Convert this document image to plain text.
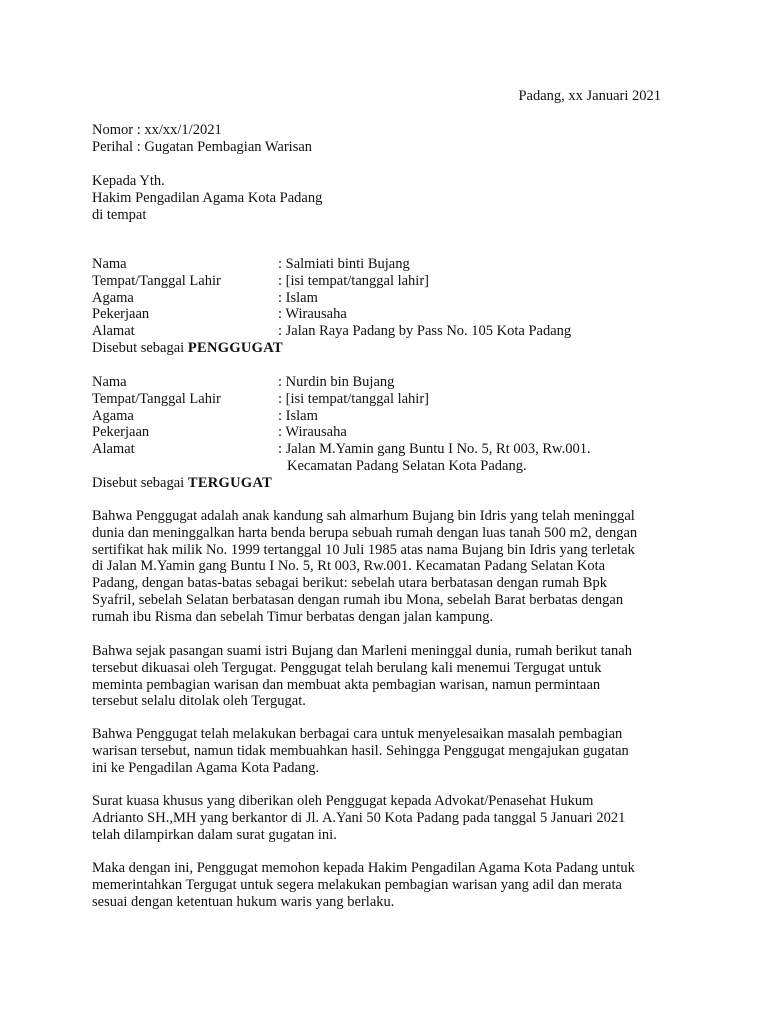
Padang, xx Januari 2021
Nomor : xx/xx/1/2021
Perihal : Gugatan Pembagian Warisan
Kepada Yth.
Hakim Pengadilan Agama Kota Padang
di tempat
Nama	: Salmiati binti Bujang
Tempat/Tanggal Lahir	: [isi tempat/tanggal lahir]
Agama	: Islam
Pekerjaan	: Wirausaha
Alamat	: Jalan Raya Padang by Pass No. 105 Kota Padang
Disebut sebagai PENGGUGAT
Nama	: Nurdin bin Bujang
Tempat/Tanggal Lahir	: [isi tempat/tanggal lahir]
Agama	: Islam
Pekerjaan	: Wirausaha
Alamat	: Jalan M.Yamin gang Buntu I No. 5, Rt 003, Rw.001.
Kecamatan Padang Selatan Kota Padang.
Disebut sebagai TERGUGAT
Bahwa Penggugat adalah anak kandung sah almarhum Bujang bin Idris yang telah meninggal
dunia dan meninggalkan harta benda berupa sebuah rumah dengan luas tanah 500 m2, dengan
sertifikat hak milik No. 1999 tertanggal 10 Juli 1985 atas nama Bujang bin Idris yang terletak
di Jalan M.Yamin gang Buntu I No. 5, Rt 003, Rw.001. Kecamatan Padang Selatan Kota
Padang, dengan batas-batas sebagai berikut: sebelah utara berbatasan dengan rumah Bpk
Syafril, sebelah Selatan berbatasan dengan rumah ibu Mona, sebelah Barat berbatas dengan
rumah ibu Risma dan sebelah Timur berbatas dengan jalan kampung.
Bahwa sejak pasangan suami istri Bujang dan Marleni meninggal dunia, rumah berikut tanah
tersebut dikuasai oleh Tergugat. Penggugat telah berulang kali menemui Tergugat untuk
meminta pembagian warisan dan membuat akta pembagian warisan, namun permintaan
tersebut selalu ditolak oleh Tergugat.
Bahwa Penggugat telah melakukan berbagai cara untuk menyelesaikan masalah pembagian
warisan tersebut, namun tidak membuahkan hasil. Sehingga Penggugat mengajukan gugatan
ini ke Pengadilan Agama Kota Padang.
Surat kuasa khusus yang diberikan oleh Penggugat kepada Advokat/Penasehat Hukum
Adrianto SH.,MH yang berkantor di Jl. A.Yani 50 Kota Padang pada tanggal 5 Januari 2021
telah dilampirkan dalam surat gugatan ini.
Maka dengan ini, Penggugat memohon kepada Hakim Pengadilan Agama Kota Padang untuk
memerintahkan Tergugat untuk segera melakukan pembagian warisan yang adil dan merata
sesuai dengan ketentuan hukum waris yang berlaku.
